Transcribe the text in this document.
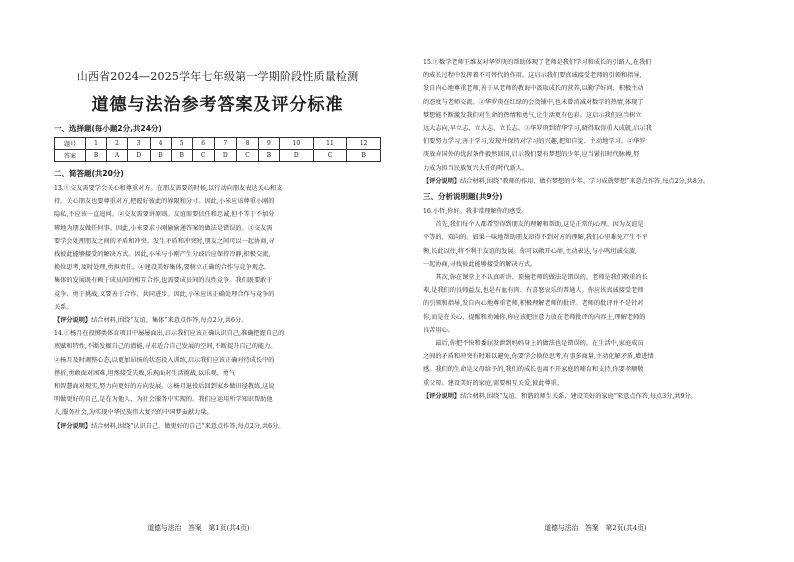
山西省2024—2025学年七年级第一学期阶段性质量检测
道德与法治参考答案及评分标准
一、选择题(每小题2分,共24分)
题号	1	2	3	4	5	6	7	8	9	10	11	12
答案	B	A	D	B	B	C	D	C	B	D	C	B
二、简答题(共20分)

13.①交友需要学会关心和尊重对方。在朋友需要的时候,以行动向朋友表达关心和支

持。关心朋友也要尊重对方,把握好彼此的界限和分寸。因此,小米应该尊重小刚的

隐私,不应该一直追问。②交友需要讲原则。友谊需要信任和忠诚,但不等于不加分

辨地为朋友做任何事。因此,小米要求小刚偷偷递答案的做法是错误的。③交友需

要学会处理朋友之间的矛盾和冲突。发生矛盾和冲突时,朋友之间可以一起协商,寻

找彼此能够接受的解决方式。因此,小米与小刚产生分歧后应保持冷静,积极交流,

换位思考,及时处理,勇担责任。④建设美好集体,要树立正确的合作与竞争观念。

集体的发展既有赖于成员间的相互合作,也需要成员间的良性竞争。我们既要敢于

竞争、勇于挑战,又要善于合作、共同进步。因此,小米应该正确处理合作与竞争的

关系。

【评分说明】结合材料,围绕“友谊、集体”来意点作答,每点2分,共6分。

14.①杨月在投掷类体育项目中屡屡面出,启示我们应该正确认识自己,准确把握自己的

禀赋和特性,不断发掘自己的潜能,寻求适合自己发展的空间,不断提升自己的能力。

②杨月及时调整心态,以更加昂扬的状态投入训练,启示我们应该正确对待成长中的

挫折,勇敢面对困难,坦然接受失败,乐观面对生活挑战,以乐观、勇气

和智慧面对现实,努力向更好的方向发展。③杨月退役后回到家乡做田径教练,这说

明做更好的自己,是在为他人、为社会服务中实现的。我们应运用所学知识帮助他

人,服务社会,为实现中华民族伟大复兴的中国梦贡献力量。

【评分说明】结合材料,围绕“认识自己、做更好的自己”来意点作答,每点2分,共6分。

道德与法治　答案　第1页(共4页)

15.①数学老师王维友对华罗庚的帮助体现了老师是我们学习和成长的引路人,在我们

的成长过程中发挥着不可替代的作用。这启示我们要真诚接受老师的引领和指导,

发自内心地尊重老师,善于从老师的教诲中汲取成长的营养,以勤学好问、积极主动

的态度与老师交流。②华罗庚在红绿的会货铺中,也未曾消减对数学的热情,体现了

梦想能不断激发我们对生命的热情和勇气,让生活更有色彩。这启示我们应当树立

远大志向,早立志、立大志、立长志。③华罗庚到清华学习,晓得取得重大成就,启示我

们要努力学习,善于学习,发现并保持对学习的兴趣,把知自觉、主动地学习。④华罗

庚放弃国外的优渥条件毅然回国,启示我们要有梦想的少年,应当紧扣时代脉搏,努

力成为担当民族复兴大任的时代新人。

【评分说明】结合材料,围绕“教师的作用、做有梦想的少年、学习成就梦想”来意点作答,每点2分,共8分。

三、分析说明题(共9分)

16.小哲,你好。我非常理解你的感受。

首先,我们每个人都希望得到朋友的理解和帮助,这是正常的心理。因为友谊是

平等的、双向的。如果一味地帮助朋友却得不到对方的理解,我们心里难免产生不平

衡,长此以往,将不利于友谊的发展。你可以敞开心扉,主动表达,与小鸣坦诚交流,

一起协商,寻找彼此能够接受的解决方式。

其次,你在课堂上不认真听讲、顶撞老师的做法是错误的。老师是我们敬重的长

辈,是我们的良师益友,也是有血有肉、有喜怒哀乐的普通人。你应该真诚接受老师

的引领和指导,发自内心地尊重老师,积极理解老师的批评。老师的批评并不是针对

你,而是在关心、提醒和劝诫你,你应该把注意力放在老师批评的内容上,理解老师的

良苦用心。

最后,你把不快和委屈发泄到妈妈身上的做法也是错误的。在生活中,家庭成员

之间的矛盾和冲突有时难以避免,你要学会换位思考,有事多商量,主动化解矛盾,增进情

感。我们的生命是父母给予的,我们的成长也离不开家庭的哺育和支持,你要孝顺敬

重父母。建设美好的家庭,需要相互关爱,彼此尊重。

【评分说明】结合材料,围绕“友谊、和谐的师生关系、建设美好的家庭”来意点作答,每点3分,共9分。

道德与法治　答案　第2页(共4页)
